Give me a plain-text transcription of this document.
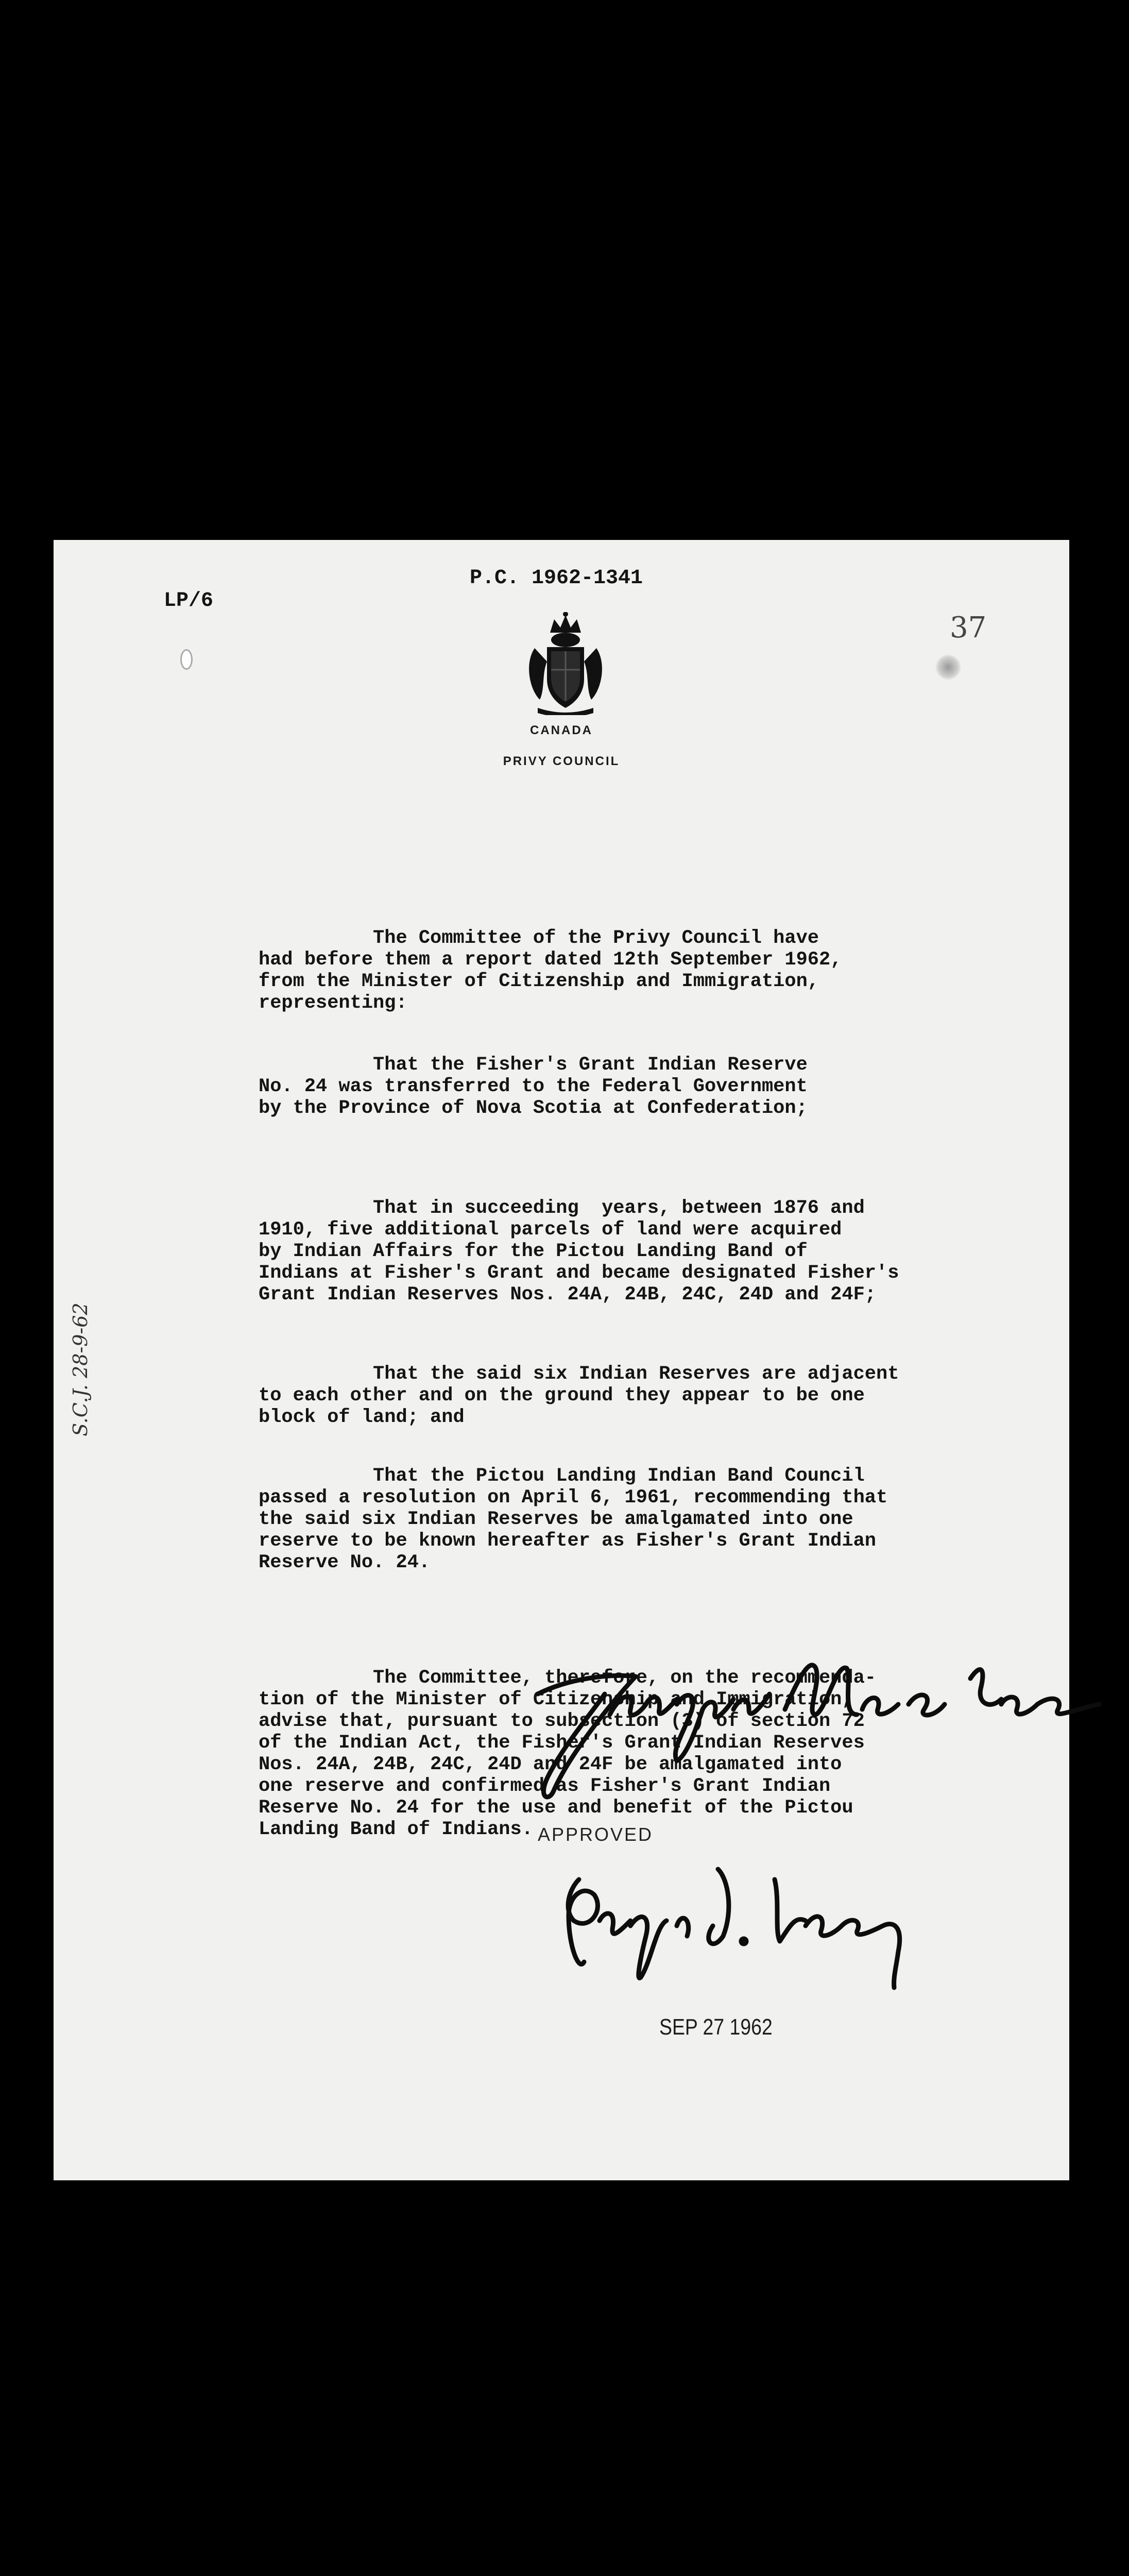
LP/6
P.C. 1962-1341
37
CANADA
PRIVY COUNCIL
S.C.J. 28-9-62

The Committee of the Privy Council have
had before them a report dated 12th September 1962,
from the Minister of Citizenship and Immigration,
representing:

That the Fisher's Grant Indian Reserve
No. 24 was transferred to the Federal Government
by the Province of Nova Scotia at Confederation;

That in succeeding  years, between 1876 and
1910, five additional parcels of land were acquired
by Indian Affairs for the Pictou Landing Band of
Indians at Fisher's Grant and became designated Fisher's
Grant Indian Reserves Nos. 24A, 24B, 24C, 24D and 24F;

That the said six Indian Reserves are adjacent
to each other and on the ground they appear to be one
block of land; and

That the Pictou Landing Indian Band Council
passed a resolution on April 6, 1961, recommending that
the said six Indian Reserves be amalgamated into one
reserve to be known hereafter as Fisher's Grant Indian
Reserve No. 24.

The Committee, therefore, on the recommenda-
tion of the Minister of Citizenship and Immigration,
advise that, pursuant to subsection (3) of section 72
of the Indian Act, the Fisher's Grant Indian Reserves
Nos. 24A, 24B, 24C, 24D and 24F be amalgamated into
one reserve and confirmed as Fisher's Grant Indian
Reserve No. 24 for the use and benefit of the Pictou
Landing Band of Indians. APPROVED
SEP 27 1962
